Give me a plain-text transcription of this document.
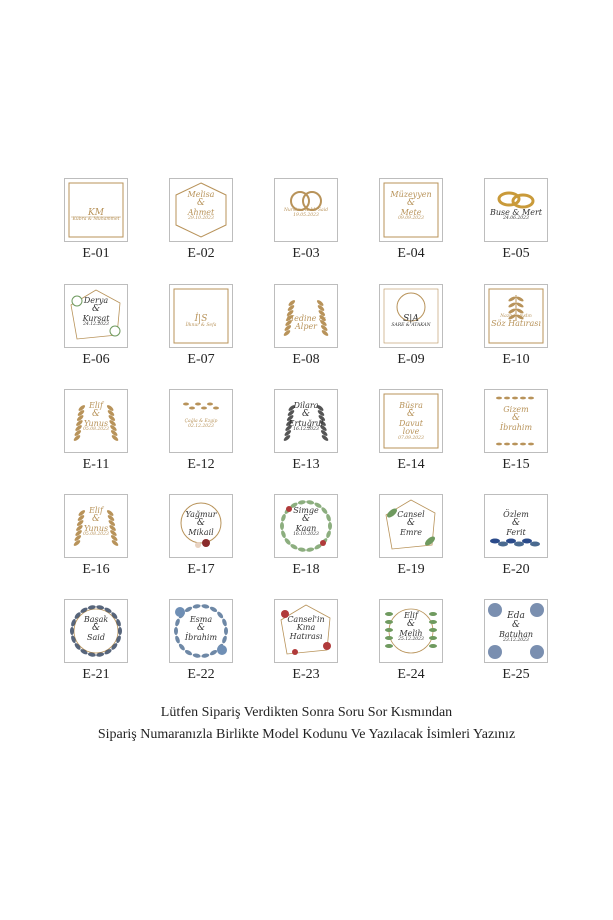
KM
Kübra & Muhammet
E-01
Melisa
&
Ahmet
29.10.2023
E-02
Nursima & M. Said
19.05.2023
E-03
Müzeyyen
&
Mete
09.09.2023
E-04
Buse & Mert
24.06.2023
E-05
Derya
&
Kurşat
24.12.2023
E-06
İ|S
İlknur & Sefa
E-07
Medine &
Alper
E-08
S|A
SARE & ATAKAN
E-09
Nazlı & Aydın
Söz Hatırası
E-10
Elif
&
Yunus
05.08.2023
E-11
Çağla & Ezgip
02.12.2023
E-12
Dilara
&
Ertuğrul
16.12.2023
E-13
Büşra
&
Davut
love
07.09.2023
E-14
Gizem
&
İbrahim
E-15
Elif
&
Yunus
05.08.2023
E-16
Yağmur
&
Mikail
E-17
Simge
&
Kaan
16.10.2023
E-18
Cansel
&
Emre
E-19
Özlem
&
Ferit
E-20
Başak
&
Said
E-21
Esma
&
İbrahim
E-22
Cansel'in
Kına
Hatırası
E-23
Elif
&
Melih
25.12.2023
E-24
Eda
&
Batuhan
23.12.2023
E-25
Lütfen Sipariş Verdikten Sonra Soru Sor Kısmından
Sipariş Numaranızla Birlikte Model Kodunu Ve Yazılacak İsimleri Yazınız
